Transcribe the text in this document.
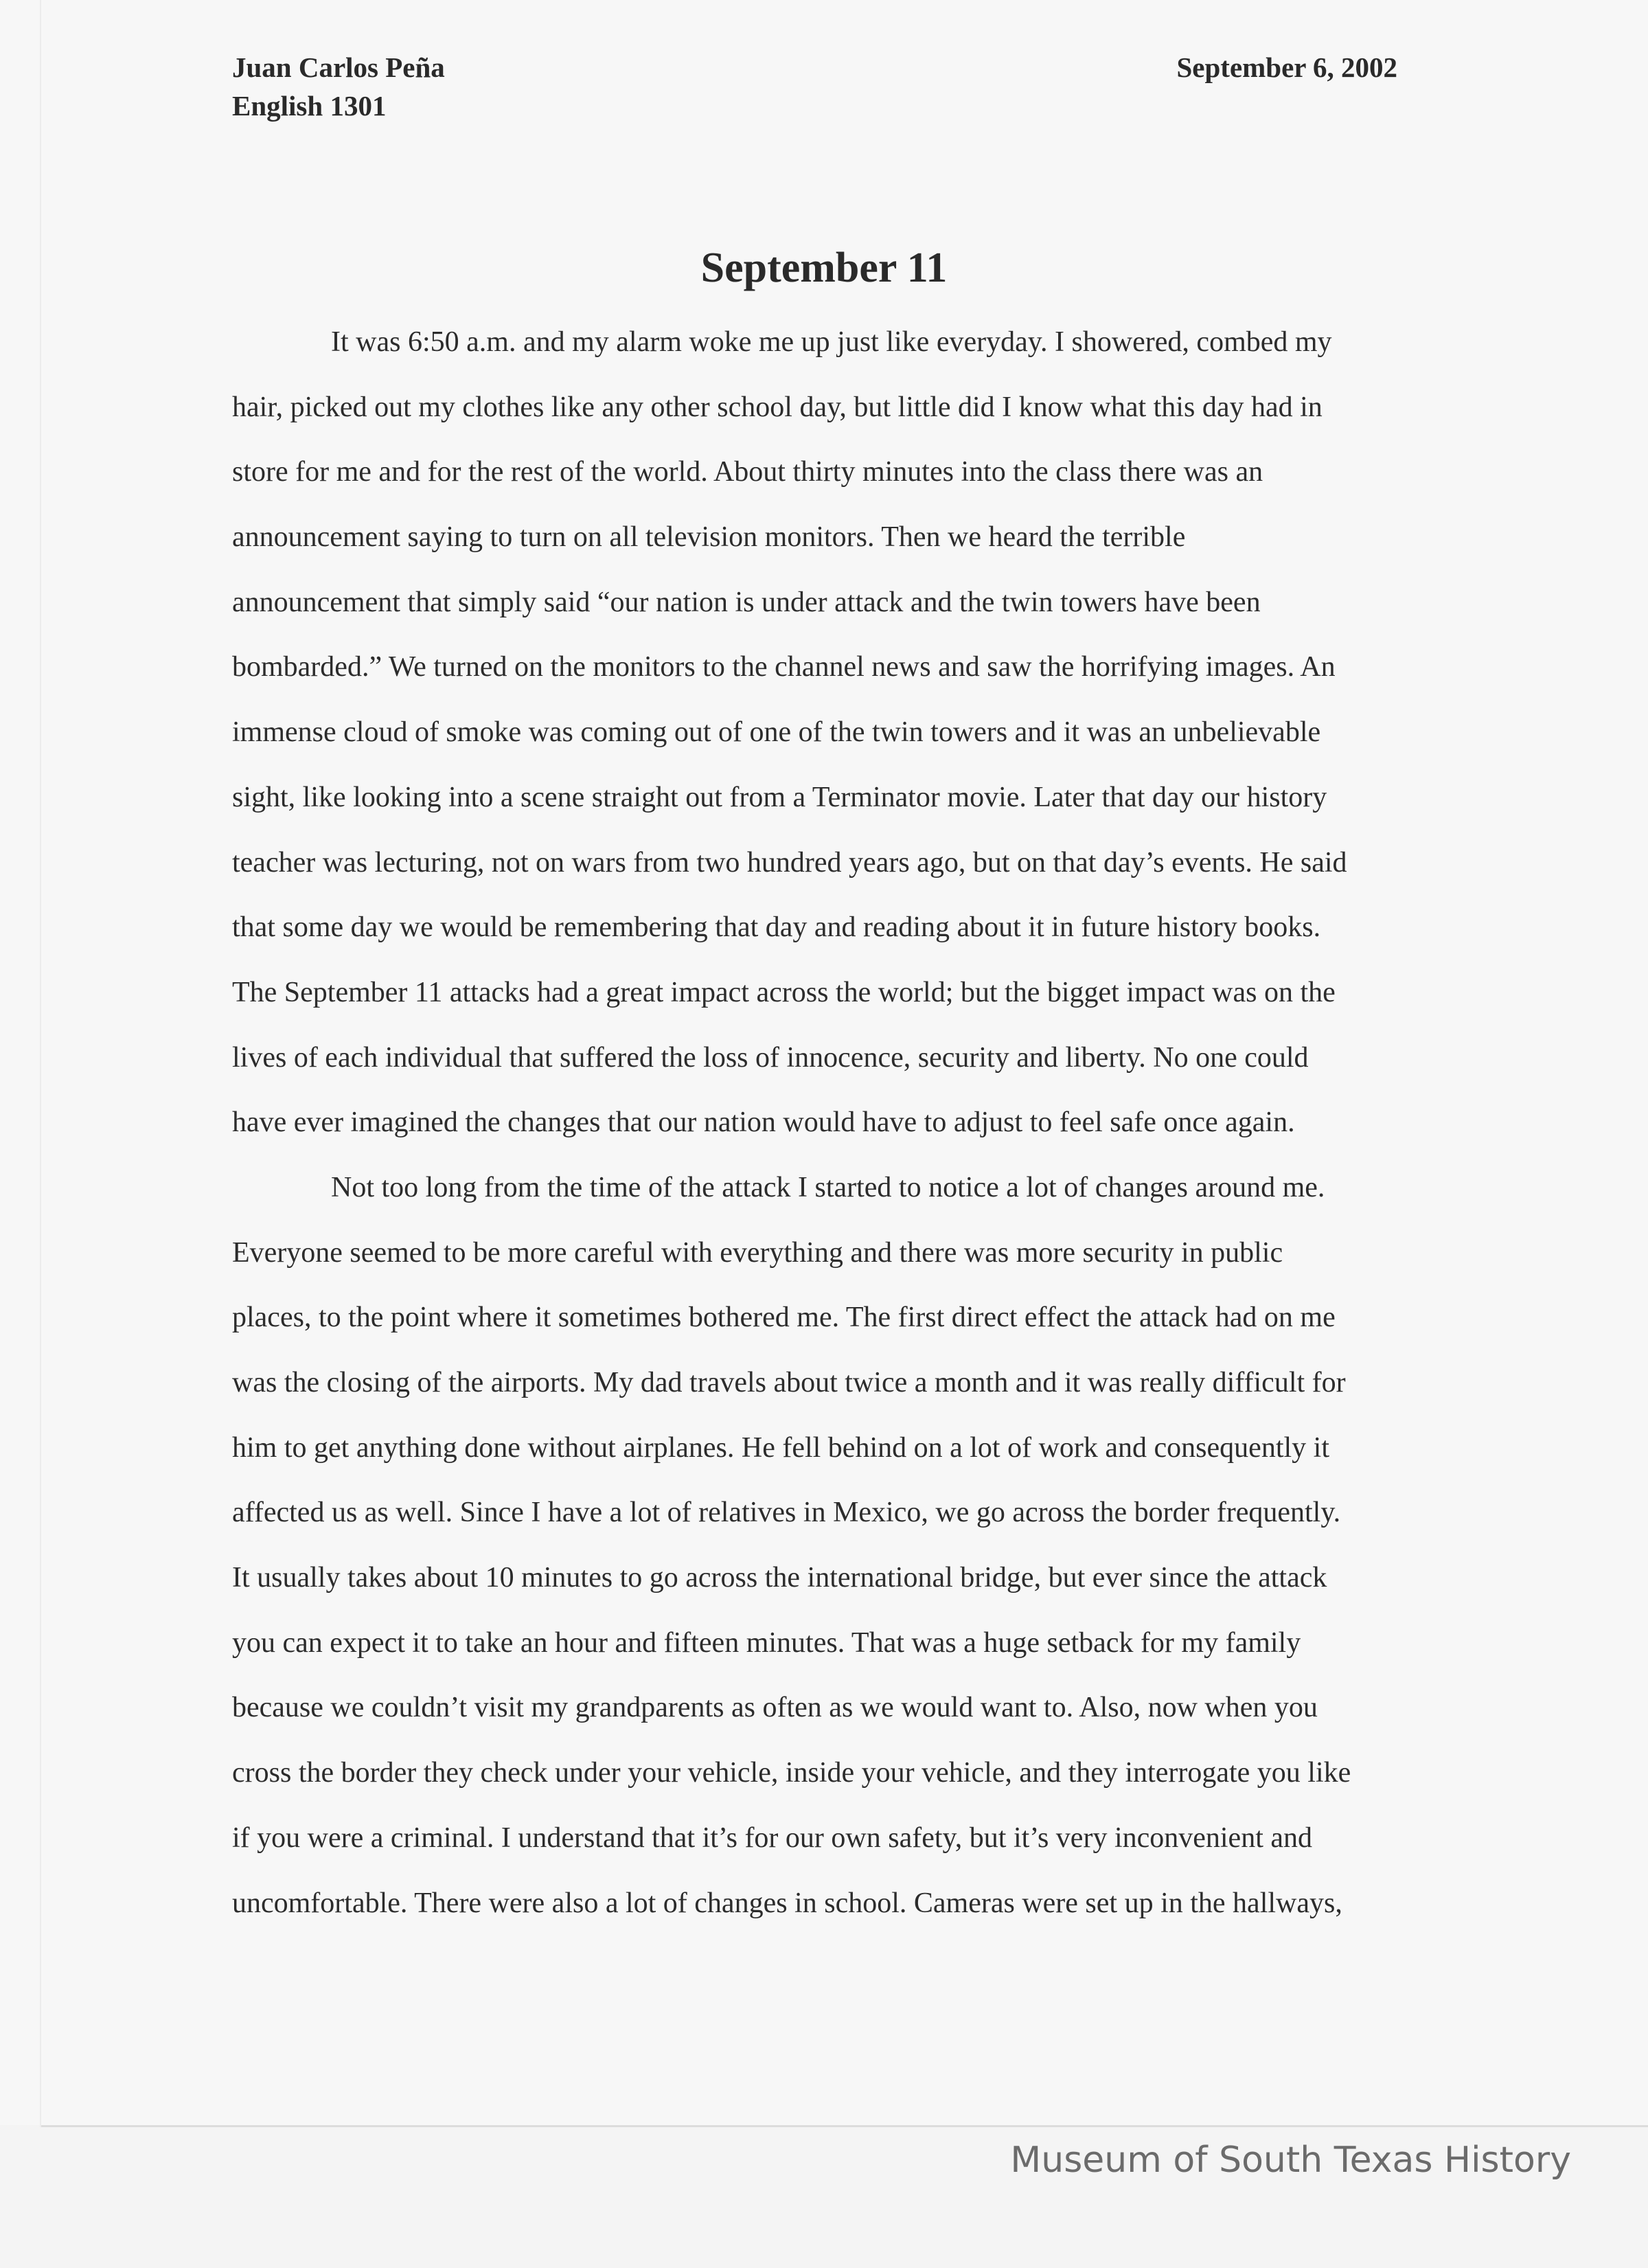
Juan Carlos Peña
English 1301
September 6, 2002
September 11
It was 6:50 a.m. and my alarm woke me up just like everyday. I showered, combed my
hair, picked out my clothes like any other school day, but little did I know what this day had in
store for me and for the rest of the world. About thirty minutes into the class there was an
announcement saying to turn on all television monitors. Then we heard the terrible
announcement that simply said “our nation is under attack and the twin towers have been
bombarded.” We turned on the monitors to the channel news and saw the horrifying images. An
immense cloud of smoke was coming out of one of the twin towers and it was an unbelievable
sight, like looking into a scene straight out from a Terminator movie. Later that day our history
teacher was lecturing, not on wars from two hundred years ago, but on that day’s events. He said
that some day we would be remembering that day and reading about it in future history books.
The September 11 attacks had a great impact across the world; but the bigget impact was on the
lives of each individual that suffered the loss of innocence, security and liberty. No one could
have ever imagined the changes that our nation would have to adjust to feel safe once again.
Not too long from the time of the attack I started to notice a lot of changes around me.
Everyone seemed to be more careful with everything and there was more security in public
places, to the point where it sometimes bothered me. The first direct effect the attack had on me
was the closing of the airports. My dad travels about twice a month and it was really difficult for
him to get anything done without airplanes. He fell behind on a lot of work and consequently it
affected us as well. Since I have a lot of relatives in Mexico, we go across the border frequently.
It usually takes about 10 minutes to go across the international bridge, but ever since the attack
you can expect it to take an hour and fifteen minutes. That was a huge setback for my family
because we couldn’t visit my grandparents as often as we would want to. Also, now when you
cross the border they check under your vehicle, inside your vehicle, and they interrogate you like
if you were a criminal. I understand that it’s for our own safety, but it’s very inconvenient and
uncomfortable. There were also a lot of changes in school. Cameras were set up in the hallways,
Museum of South Texas History
